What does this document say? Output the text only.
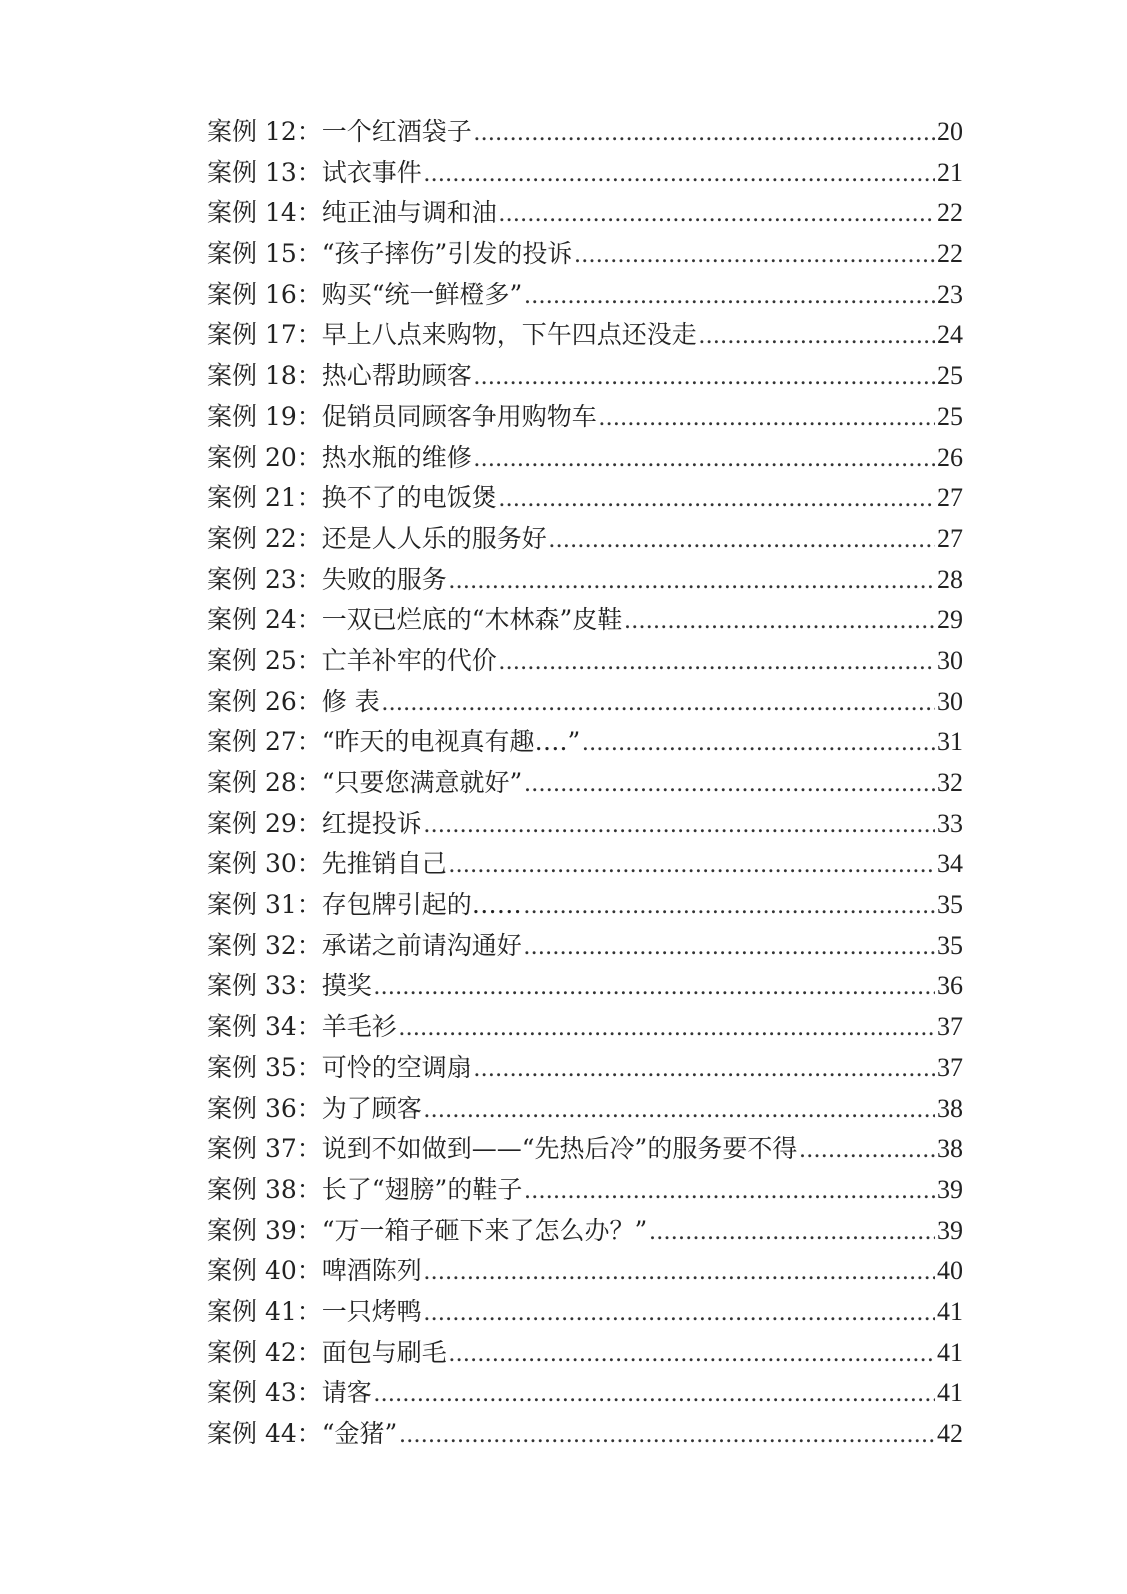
案例 12： 一个红酒袋子 .....	20
案例 13： 试衣事件 .....	21
案例 14： 纯正油与调和油 .....	22
案例 15： “孩子摔伤”引发的投诉 .....	22
案例 16： 购买“统一鲜橙多” .....	23
案例 17： 早上八点来购物，下午四点还没走 .....	24
案例 18： 热心帮助顾客 .....	25
案例 19： 促销员同顾客争用购物车 .....	25
案例 20： 热水瓶的维修 .....	26
案例 21： 换不了的电饭煲 .....	27
案例 22： 还是人人乐的服务好 .....	27
案例 23： 失败的服务 .....	28
案例 24： 一双已烂底的“木林森”皮鞋 .....	29
案例 25： 亡羊补牢的代价 .....	30
案例 26： 修 表 .....	30
案例 27： “昨天的电视真有趣….” .....	31
案例 28： “只要您满意就好” .....	32
案例 29： 红提投诉 .....	33
案例 30： 先推销自己 .....	34
案例 31： 存包牌引起的…… .....	35
案例 32： 承诺之前请沟通好 .....	35
案例 33： 摸奖 .....	36
案例 34： 羊毛衫 .....	37
案例 35： 可怜的空调扇 .....	37
案例 36： 为了顾客 .....	38
案例 37： 说到不如做到——“先热后冷”的服务要不得 .....	38
案例 38： 长了“翅膀”的鞋子 .....	39
案例 39： “万一箱子砸下来了怎么办？” .....	39
案例 40： 啤酒陈列 .....	40
案例 41： 一只烤鸭 .....	41
案例 42： 面包与刷毛 .....	41
案例 43： 请客 .....	41
案例 44： “金猪” .....	42
